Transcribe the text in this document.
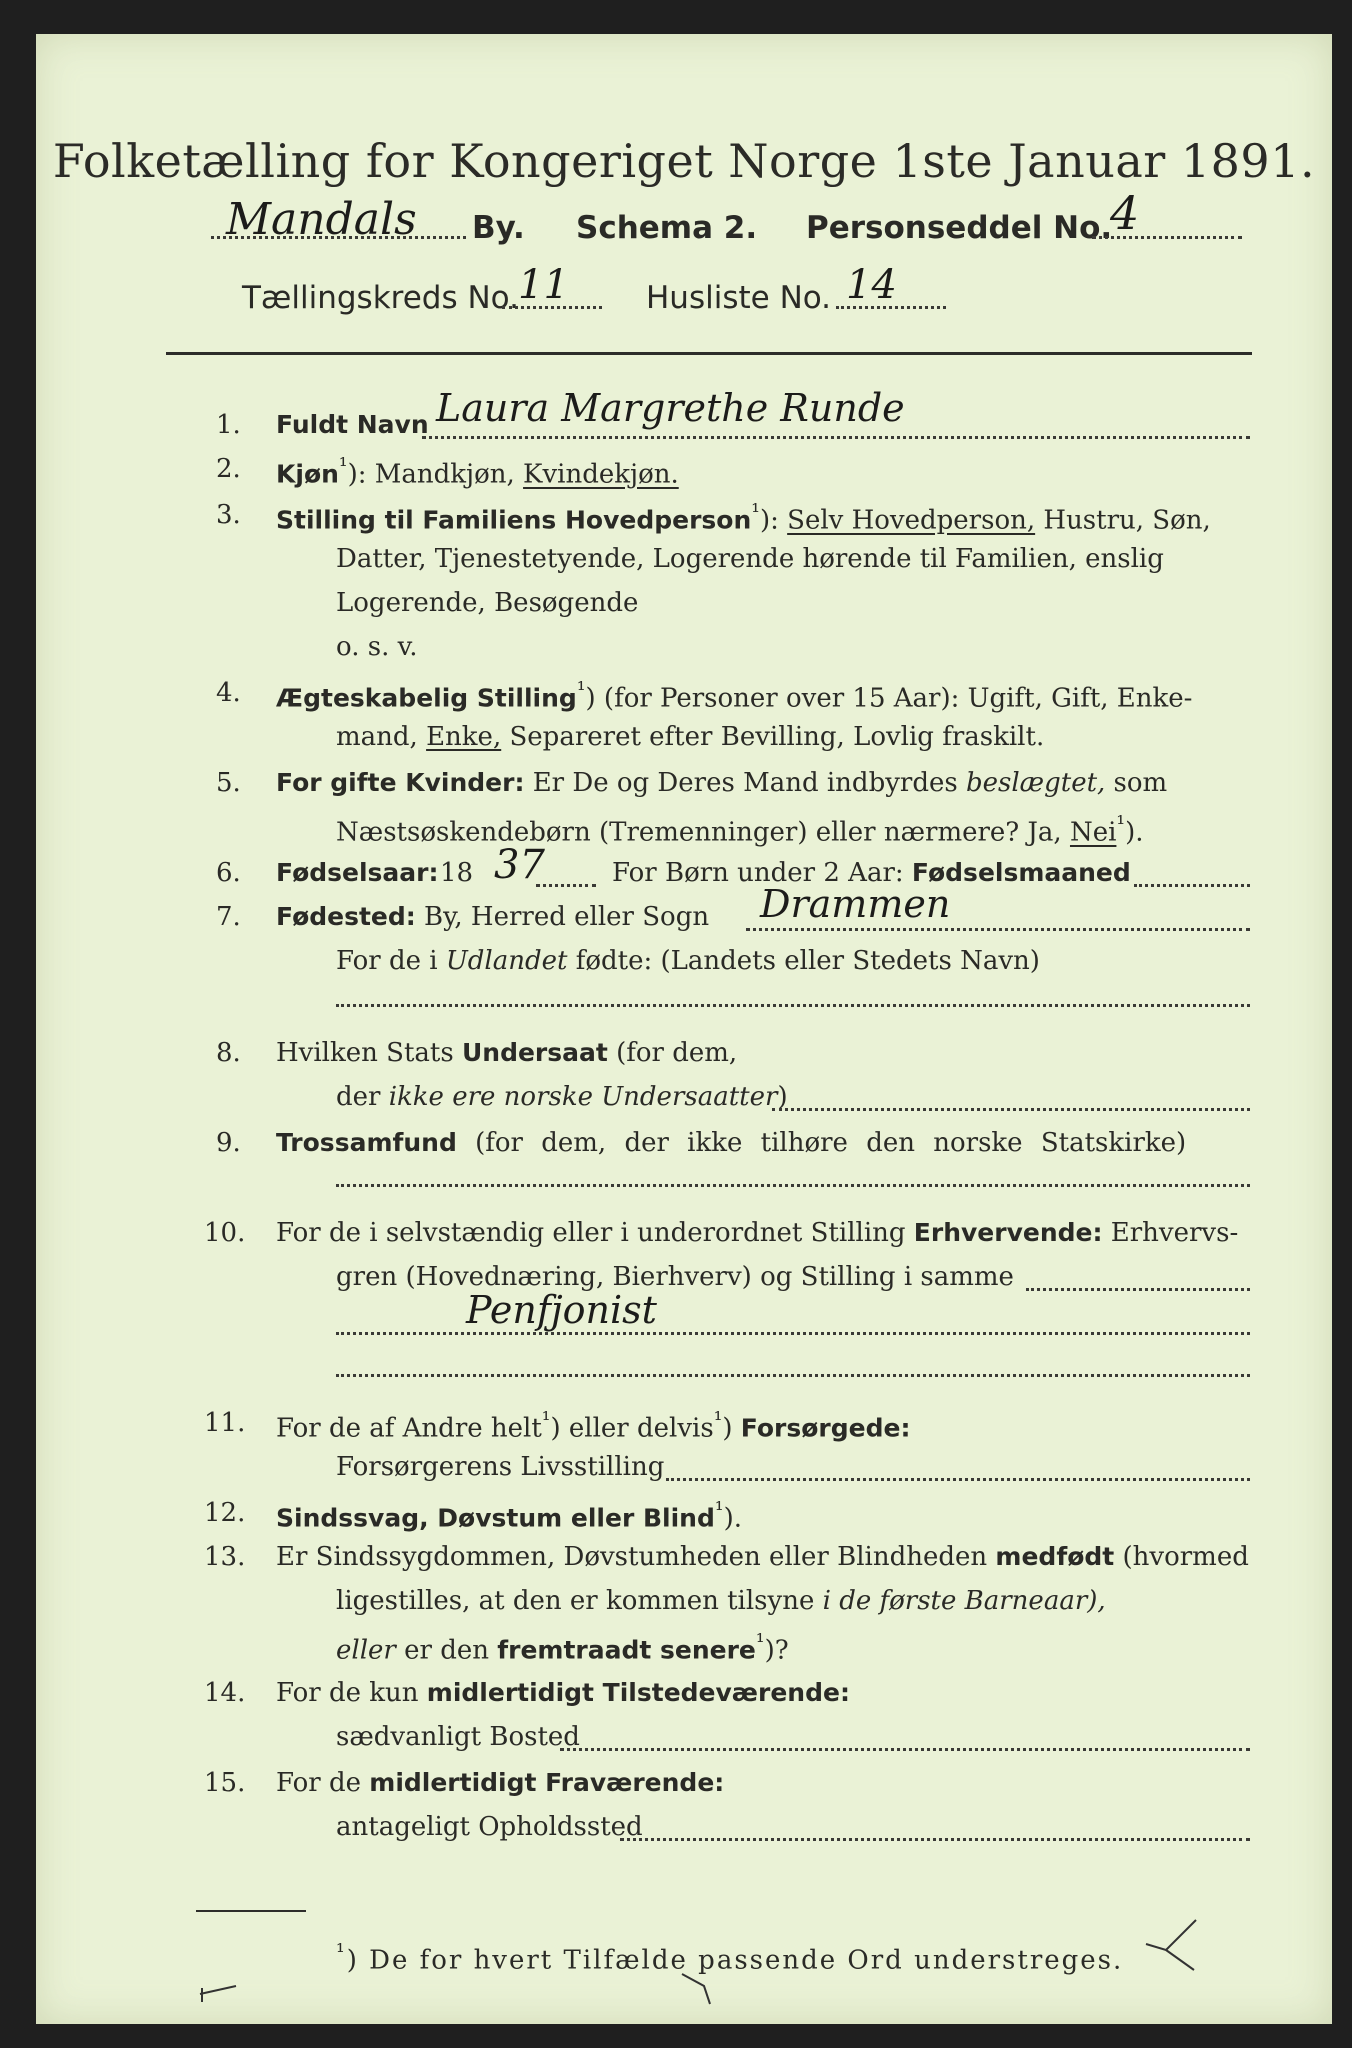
Folketælling for Kongeriget Norge 1ste Januar 1891.
Mandals By. Schema 2. Personseddel No.
4
Tællingskreds No. 11 Husliste No. 14
1. Fuldt Navn Laura Margrethe Runde
2. Kjøn$^{^1}$): Mandkjøn, Kvindekjøn.
3. Stilling til Familiens Hovedperson$^{^1}$): Selv Hovedperson, Hustru, Søn,
Datter, Tjenestetyende, Logerende hørende til Familien, enslig
Logerende, Besøgende
o. s. v.
4. Ægteskabelig Stilling$^{^1}$) (for Personer over 15 Aar): Ugift, Gift, Enke-
mand, Enke, Separeret efter Bevilling, Lovlig fraskilt.
5. For gifte Kvinder: Er De og Deres Mand indbyrdes beslægtet, som
Næstsøskendebørn (Tremenninger) eller nærmere? Ja, Nei$^{^1}$).
6. Fødselsaar: 18 37	For Børn under 2 Aar: Fødselsmaaned
7. Fødested: By, Herred eller Sogn Drammen
For de i Udlandet fødte: (Landets eller Stedets Navn)
8. Hvilken Stats Undersaat (for dem,
der ikke ere norske Undersaatter)
9. Trossamfund (for dem, der ikke tilhøre den norske Statskirke)
10. For de i selvstændig eller i underordnet Stilling Erhvervende: Erhvervs-
gren (Hovednæring, Bierhverv) og Stilling i samme
Penfjonist
11. For de af Andre helt$^{^1}$) eller delvis$^{^1}$) Forsørgede:
Forsørgerens Livsstilling
12. Sindssvag, Døvstum eller Blind$^{^1}$).
13. Er Sindssygdommen, Døvstumheden eller Blindheden medfødt (hvormed
ligestilles, at den er kommen tilsyne i de første Barneaar),
eller er den fremtraadt senere$^{^1}$)?
14. For de kun midlertidigt Tilstedeværende:
sædvanligt Bosted
15. For de midlertidigt Fraværende:
antageligt Opholdssted
$^{^1}$) De for hvert Tilfælde passende Ord understreges.
